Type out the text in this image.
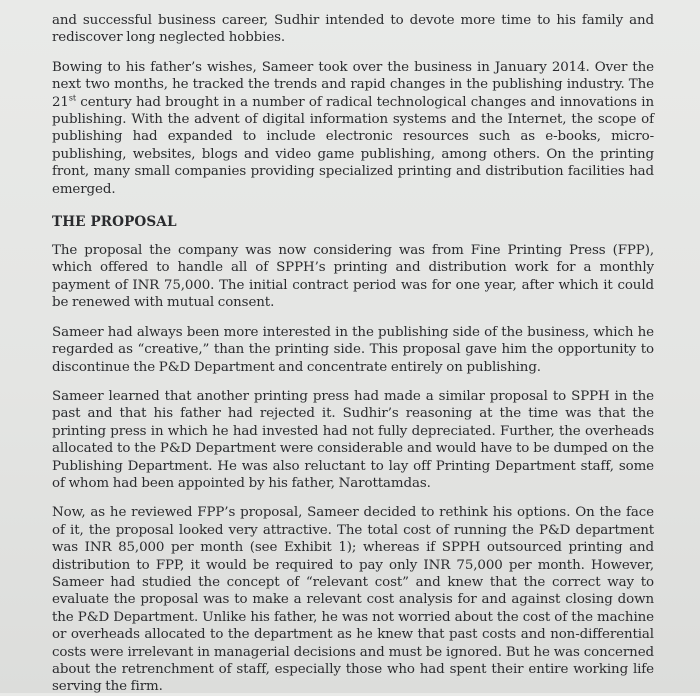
and successful business career, Sudhir intended to devote more time to his family and rediscover long neglected hobbies.

Bowing to his father’s wishes, Sameer took over the business in January 2014. Over the next two months, he tracked the trends and rapid changes in the publishing industry. The 21st century had brought in a number of radical technological changes and innovations in publishing. With the advent of digital information systems and the Internet, the scope of publishing had expanded to include electronic resources such as e-books, micro-publishing, websites, blogs and video game publishing, among others. On the printing front, many small companies providing specialized printing and distribution facilities had emerged.

THE PROPOSAL

The proposal the company was now considering was from Fine Printing Press (FPP), which offered to handle all of SPPH’s printing and distribution work for a monthly payment of INR 75,000. The initial contract period was for one year, after which it could be renewed with mutual consent.

Sameer had always been more interested in the publishing side of the business, which he regarded as “creative,” than the printing side. This proposal gave him the opportunity to discontinue the P&D Department and concentrate entirely on publishing.

Sameer learned that another printing press had made a similar proposal to SPPH in the past and that his father had rejected it. Sudhir’s reasoning at the time was that the printing press in which he had invested had not fully depreciated. Further, the overheads allocated to the P&D Department were considerable and would have to be dumped on the Publishing Department. He was also reluctant to lay off Printing Department staff, some of whom had been appointed by his father, Narottamdas.

Now, as he reviewed FPP’s proposal, Sameer decided to rethink his options. On the face of it, the proposal looked very attractive. The total cost of running the P&D department was INR 85,000 per month (see Exhibit 1); whereas if SPPH outsourced printing and distribution to FPP, it would be required to pay only INR 75,000 per month. However, Sameer had studied the concept of “relevant cost” and knew that the correct way to evaluate the proposal was to make a relevant cost analysis for and against closing down the P&D Department. Unlike his father, he was not worried about the cost of the machine or overheads allocated to the department as he knew that past costs and non-differential costs were irrelevant in managerial decisions and must be ignored. But he was concerned about the retrenchment of staff, especially those who had spent their entire working life serving the firm.
